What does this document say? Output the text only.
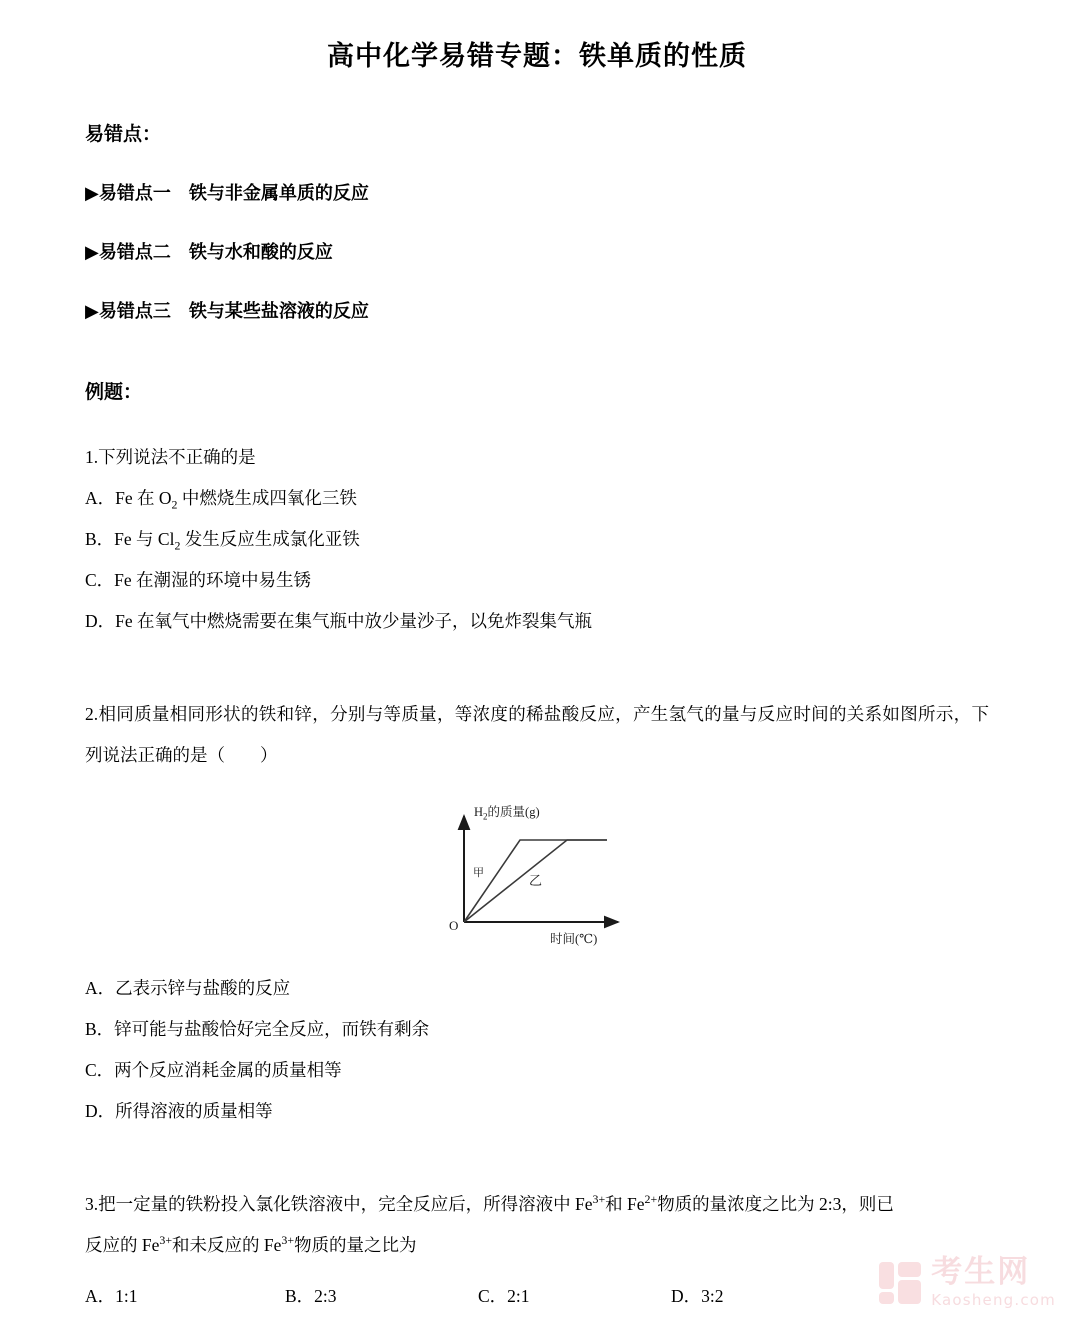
高中化学易错专题：铁单质的性质

易错点：

▶易错点一　铁与非金属单质的反应

▶易错点二　铁与水和酸的反应

▶易错点三　铁与某些盐溶液的反应

例题：

1.下列说法不正确的是

A．Fe 在 $O_2$ 中燃烧生成四氧化三铁

B．Fe 与 $Cl_2$ 发生反应生成氯化亚铁

C．Fe 在潮湿的环境中易生锈

D．Fe 在氧气中燃烧需要在集气瓶中放少量沙子，以免炸裂集气瓶

2.相同质量相同形状的铁和锌，分别与等质量，等浓度的稀盐酸反应，产生氢气的量与反应时间的关系如图所示，下列说法正确的是（　　）

$H_2$的质量(g)
时间(℃)
O
甲	乙

A．乙表示锌与盐酸的反应

B．锌可能与盐酸恰好完全反应，而铁有剩余

C．两个反应消耗金属的质量相等

D．所得溶液的质量相等

3.把一定量的铁粉投入氯化铁溶液中，完全反应后，所得溶液中 $Fe^{3+}$和 $Fe^{2+}$物质的量浓度之比为 2:3，则已

反应的 $Fe^{3+}$和未反应的 $Fe^{3+}$物质的量之比为

A．1:1	B．2:3	C．2:1	D．3:2

考生网
Kaosheng.com
